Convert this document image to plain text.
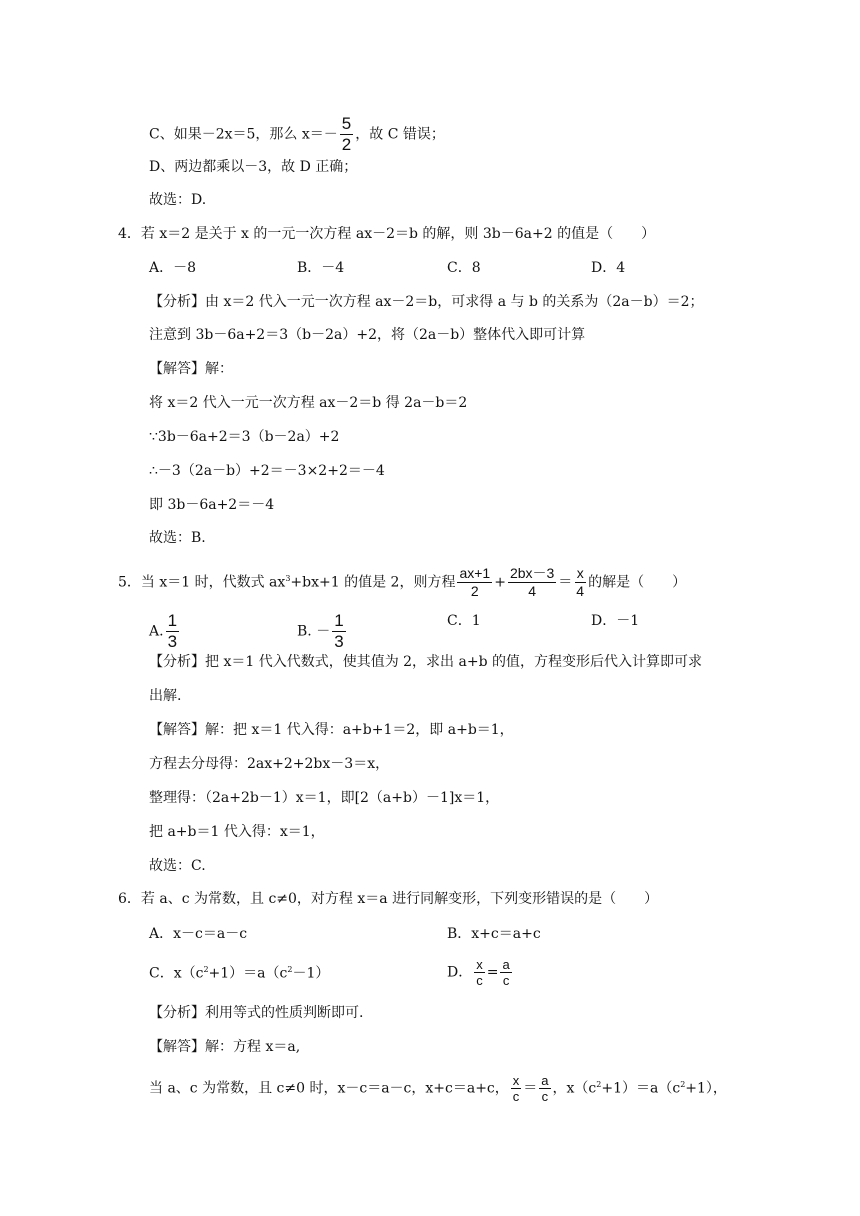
C、如果－2x＝5，那么 $x=- \frac{5}{2}$ ，故 C 错误；
D、两边都乘以－3，故 D 正确；
故选：D.
4．若 x＝2 是关于 x 的一元一次方程 ax－2＝b 的解，则 3b－6a+2 的值是（　　）
A．－8	B．－4	C．8	D．4
【分析】由 x＝2 代入一元一次方程 ax－2＝b，可求得 a 与 b 的关系为（2a－b）＝2；
注意到 3b－6a+2＝3（b－2a）+2，将（2a－b）整体代入即可计算
【解答】解：
将 x＝2 代入一元一次方程 ax－2＝b 得 2a－b＝2
∵3b－6a+2＝3（b－2a）+2
∴－3（2a－b）+2＝－3×2+2＝－4
即 3b－6a+2＝－4
故选：B.
5．当 x＝1 时，代数式 $ax^3+bx+1$ 的值是 2，则方程 $\frac{ax+1}{2} + \frac{2bx-3}{4} = \frac{x}{4}$ 的解是（　　）
A. $\frac{1}{3}$	B. － $\frac{1}{3}$	C．1	D．－1
【分析】把 x＝1 代入代数式，使其值为 2，求出 a+b 的值，方程变形后代入计算即可求
出解.
【解答】解：把 x＝1 代入得：a+b+1＝2，即 a+b＝1，
方程去分母得：2ax+2+2bx－3＝x，
整理得：（2a+2b－1）x＝1，即[2（a+b）－1]x＝1，
把 a+b＝1 代入得：x＝1，
故选：C.
6．若 a、c 为常数，且 c≠0，对方程 x＝a 进行同解变形，下列变形错误的是（　　）
A．x－c＝a－c	B．x+c＝a+c
C．$x(c^2+1)=a(c^2-1)$	D． $\frac{x}{c} = \frac{a}{c}$
【分析】利用等式的性质判断即可.
【解答】解：方程 x＝a,
当 a、c 为常数，且 c≠0 时，x－c＝a－c，x+c＝a+c， $\frac{x}{c} = \frac{a}{c}$ ，$x(c^2+1)=a(c^2+1)$，
